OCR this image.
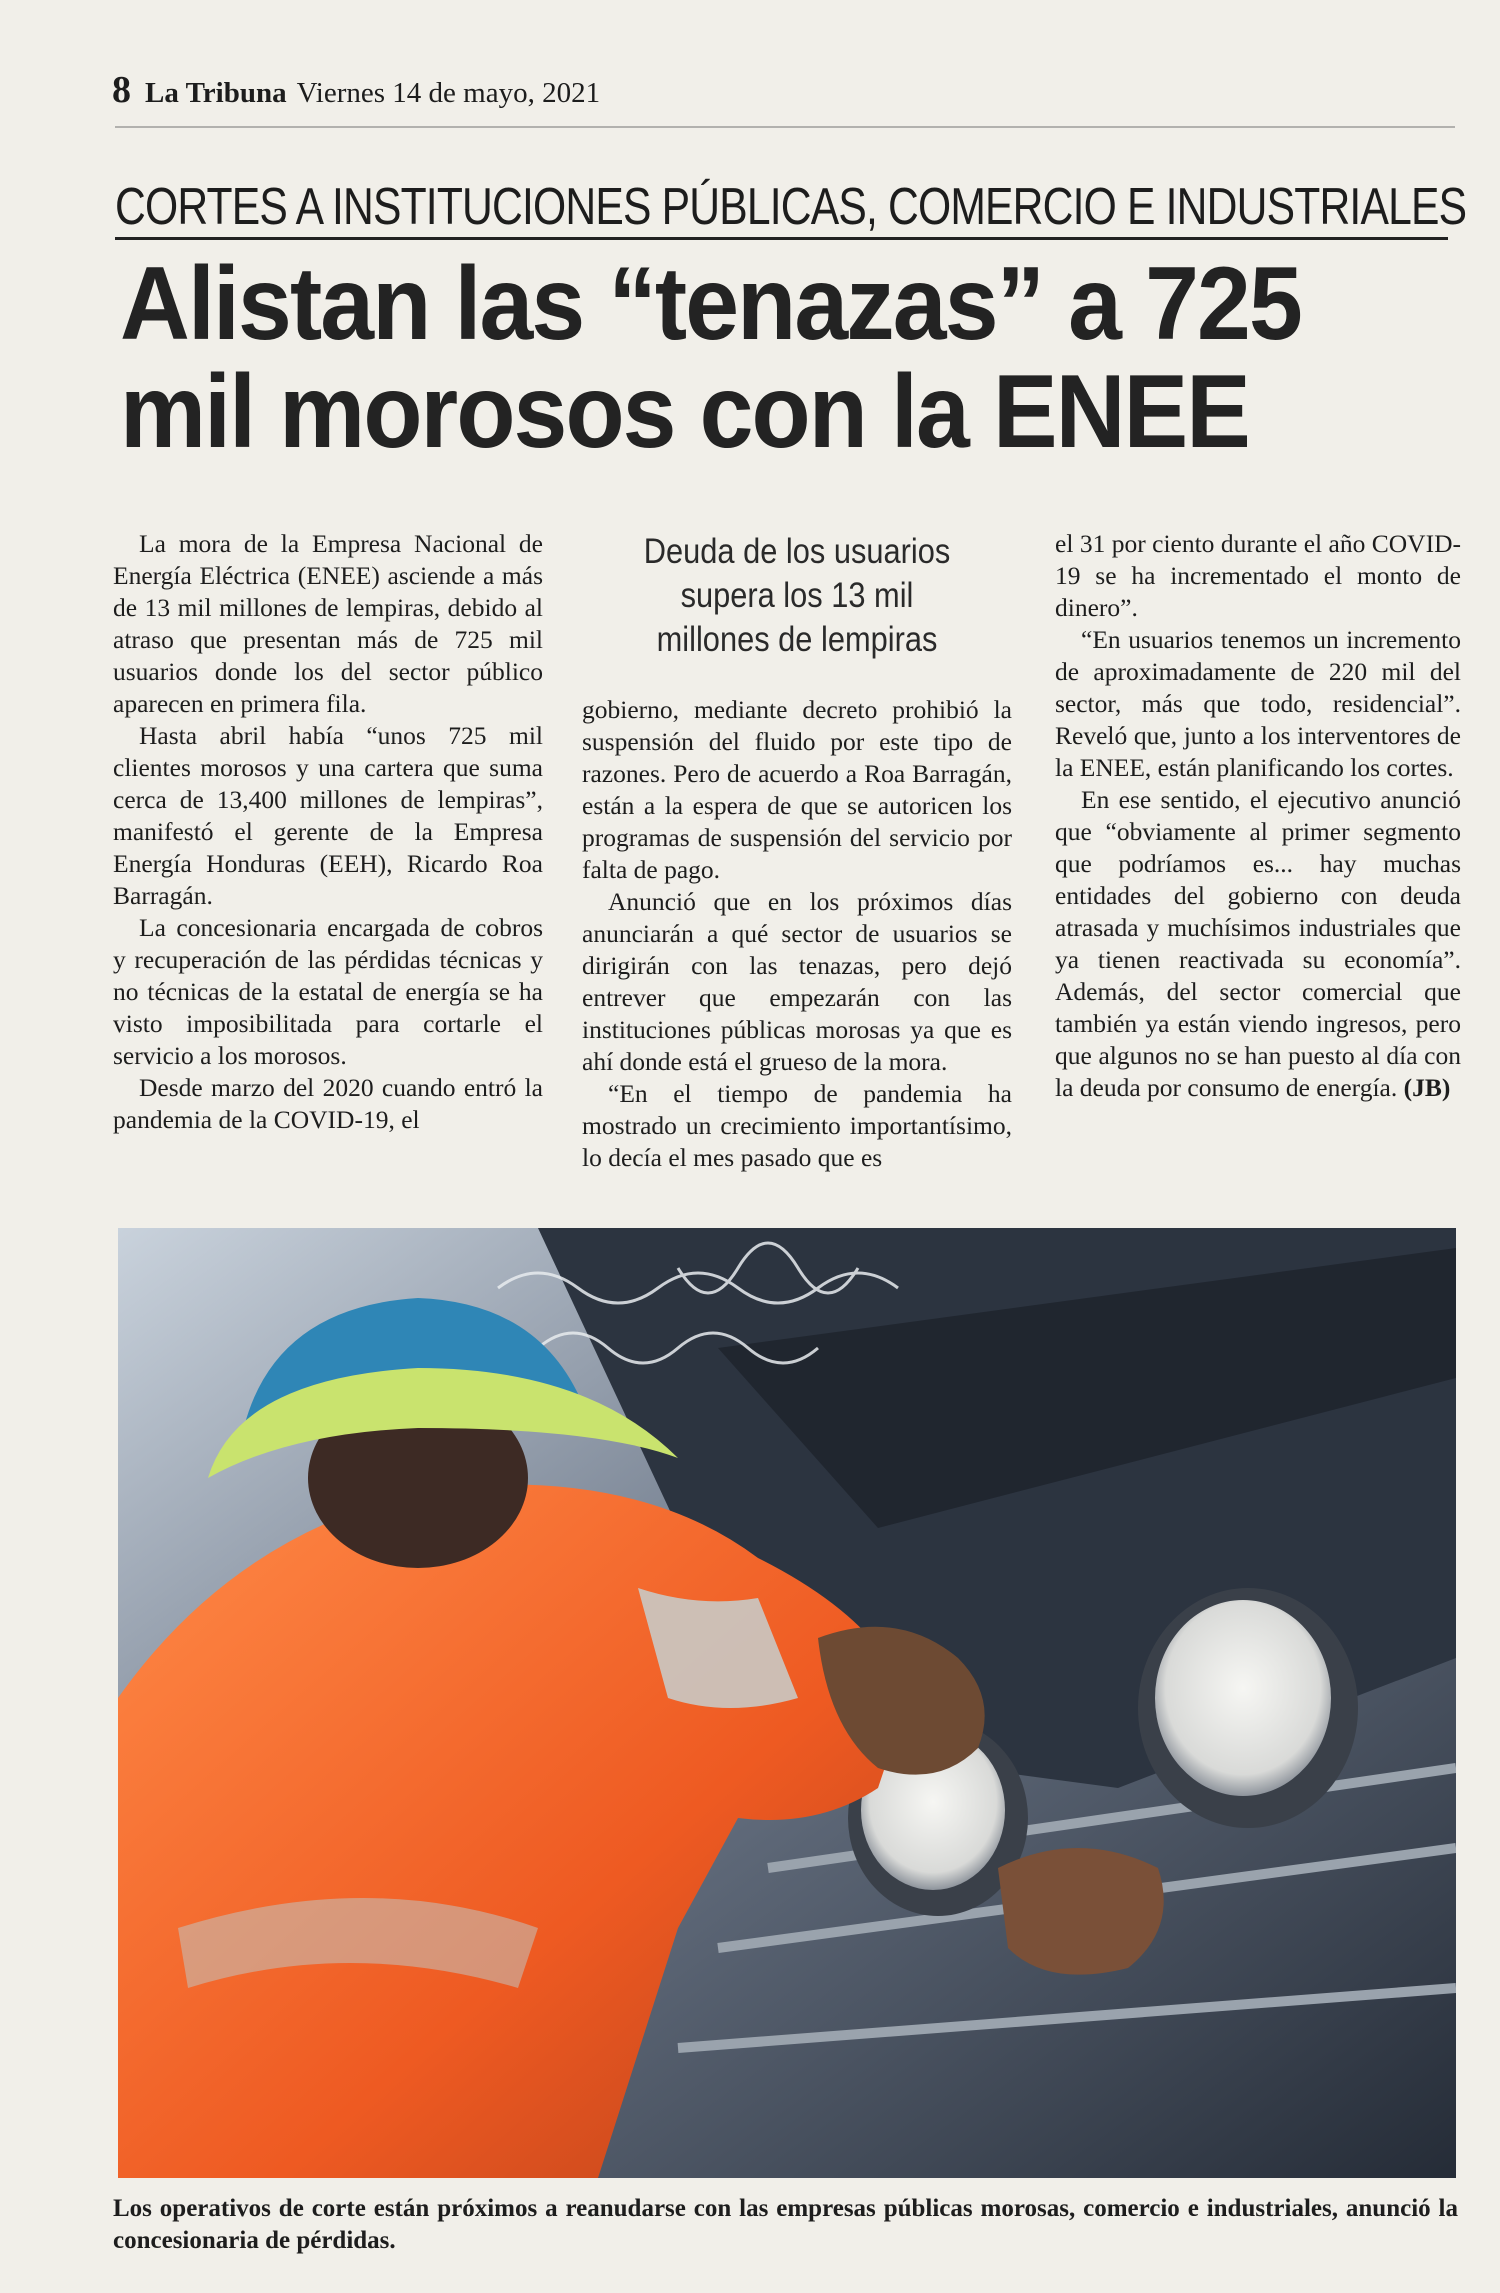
8 La Tribuna Viernes 14 de mayo, 2021
CORTES A INSTITUCIONES PÚBLICAS, COMERCIO E INDUSTRIALES
Alistan las “tenazas” a 725
mil morosos con la ENEE

La mora de la Empresa Nacional de Energía Eléctrica (ENEE) asciende a más de 13 mil millones de lempiras, debido al atraso que presentan más de 725 mil usuarios donde los del sector público aparecen en primera fila.

Hasta abril había “unos 725 mil clientes morosos y una cartera que suma cerca de 13,400 millones de lempiras”, manifestó el gerente de la Empresa Energía Honduras (EEH), Ricardo Roa Barragán.

La concesionaria encargada de cobros y recuperación de las pérdidas técnicas y no técnicas de la estatal de energía se ha visto imposibilitada para cortarle el servicio a los morosos.

Desde marzo del 2020 cuando entró la pandemia de la COVID-19, el

Deuda de los usuarios
supera los 13 mil
millones de lempiras

gobierno, mediante decreto prohibió la suspensión del fluido por este tipo de razones. Pero de acuerdo a Roa Barragán, están a la espera de que se autoricen los programas de suspensión del servicio por falta de pago.

Anunció que en los próximos días anunciarán a qué sector de usuarios se dirigirán con las tenazas, pero dejó entrever que empezarán con las instituciones públicas morosas ya que es ahí donde está el grueso de la mora.

“En el tiempo de pandemia ha mostrado un crecimiento importantísimo, lo decía el mes pasado que es

el 31 por ciento durante el año COVID-19 se ha incrementado el monto de dinero”.

“En usuarios tenemos un incremento de aproximadamente de 220 mil del sector, más que todo, residencial”. Reveló que, junto a los interventores de la ENEE, están planificando los cortes.

En ese sentido, el ejecutivo anunció que “obviamente al primer segmento que podríamos es... hay muchas entidades del gobierno con deuda atrasada y muchísimos industriales que ya tienen reactivada su economía”. Además, del sector comercial que también ya están viendo ingresos, pero que algunos no se han puesto al día con la deuda por consumo de energía. (JB)

Los operativos de corte están próximos a reanudarse con las empresas públicas morosas, comercio e industriales, anunció la concesionaria de pérdidas.
